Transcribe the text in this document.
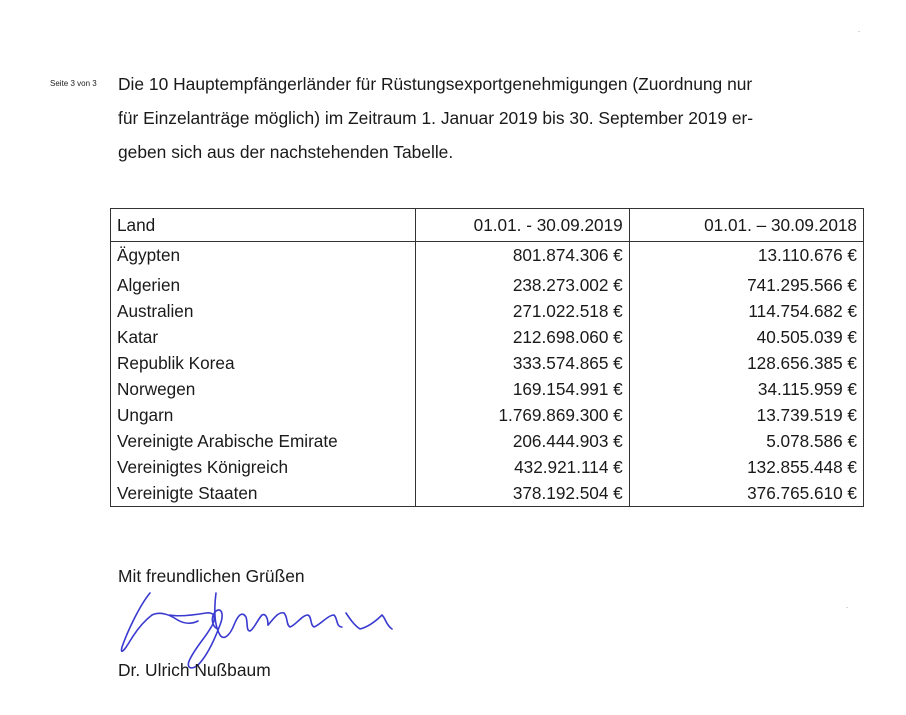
Seite 3 von 3 Die 10 Hauptempfängerländer für Rüstungsexportgenehmigungen (Zuordnung nur
für Einzelanträge möglich) im Zeitraum 1. Januar 2019 bis 30. September 2019 er-
geben sich aus der nachstehenden Tabelle.
Land	01.01. - 30.09.2019	01.01. – 30.09.2018
Ägypten	801.874.306 €	13.110.676 €
Algerien	238.273.002 €	741.295.566 €
Australien	271.022.518 €	114.754.682 €
Katar	212.698.060 €	40.505.039 €
Republik Korea	333.574.865 €	128.656.385 €
Norwegen	169.154.991 €	34.115.959 €
Ungarn	1.769.869.300 €	13.739.519 €
Vereinigte Arabische Emirate	206.444.903 €	5.078.586 €
Vereinigtes Königreich	432.921.114 €	132.855.448 €
Vereinigte Staaten	378.192.504 €	376.765.610 €
Mit freundlichen Grüßen
Dr. Ulrich Nußbaum
